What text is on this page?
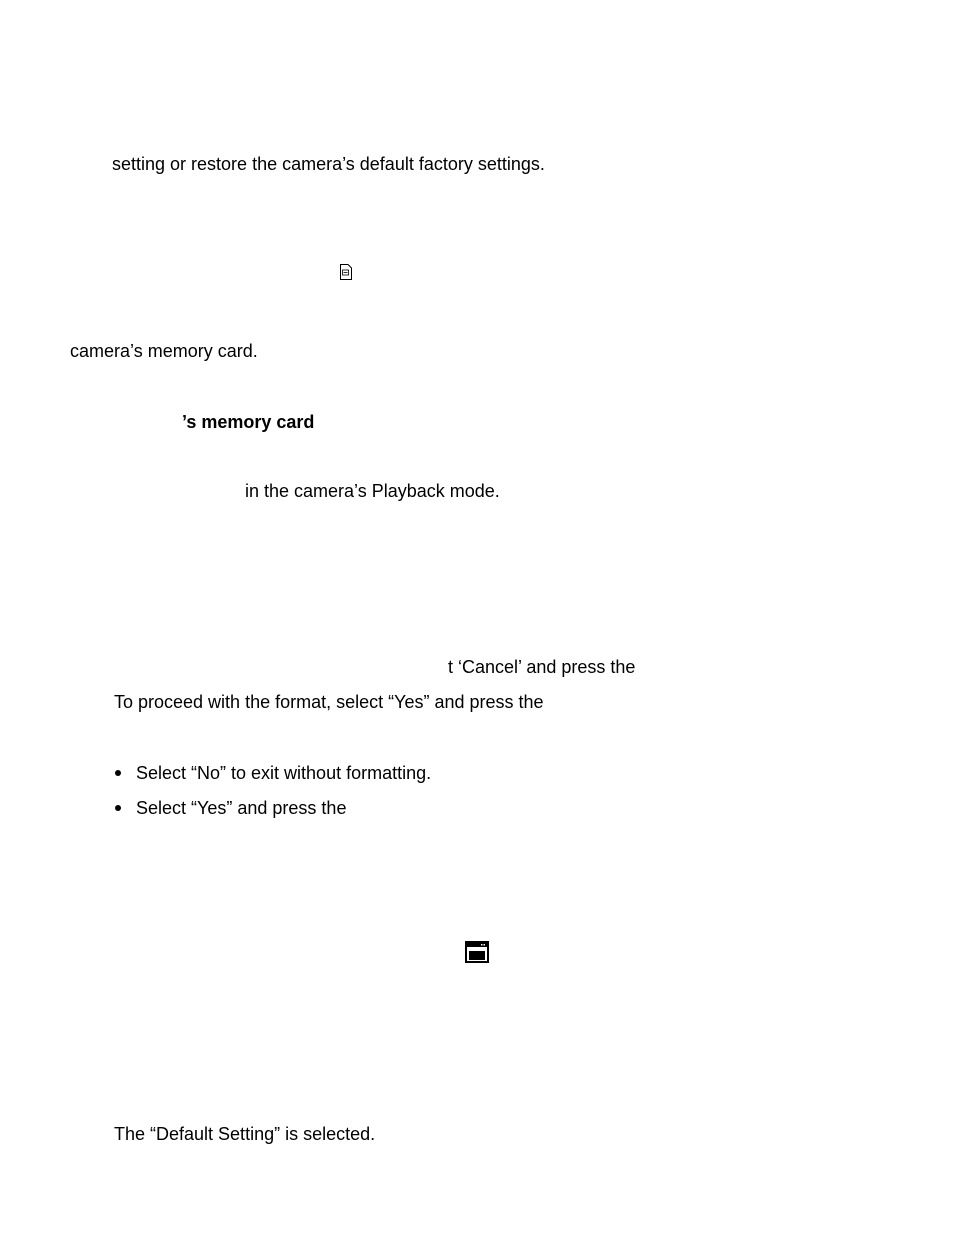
setting or restore the camera’s default factory settings.
camera’s memory card.
’s memory card
in the camera’s Playback mode.
t ‘Cancel’ and press the
To proceed with the format, select “Yes” and press the
Select “No” to exit without formatting.
Select “Yes” and press the
The “Default Setting” is selected.
